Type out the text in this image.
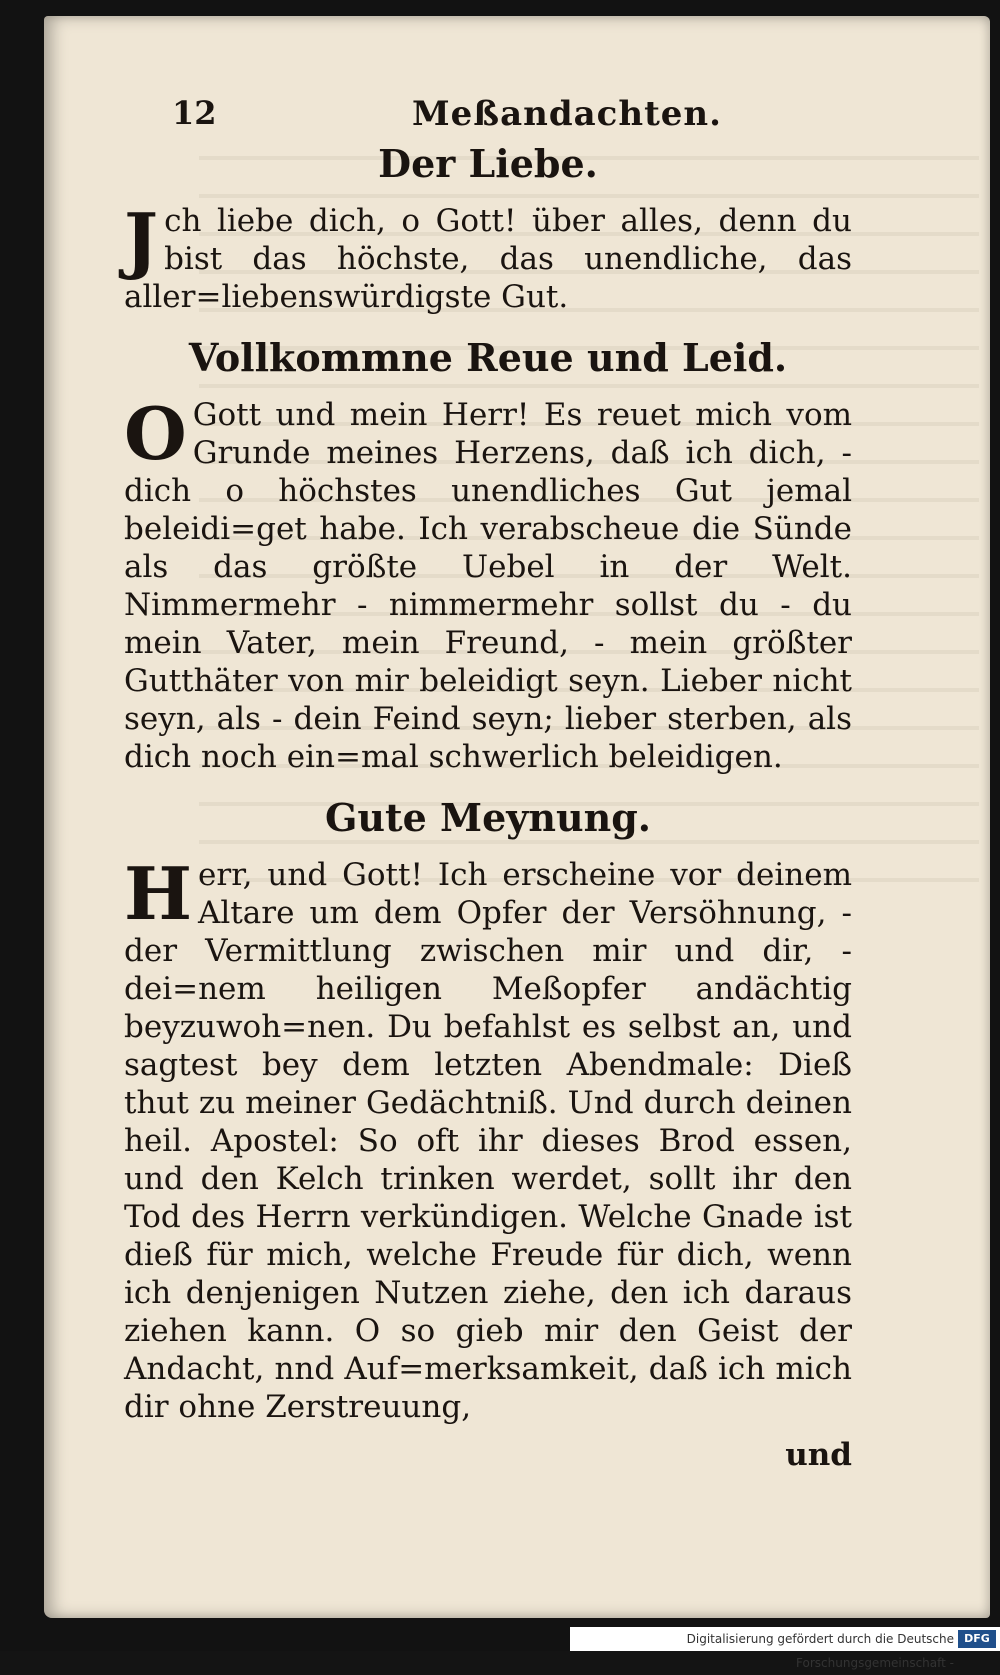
12	Meßandachten.
Der Liebe.

Jch liebe dich, o Gott! über alles, denn du bist das höchste, das unendliche, das aller=liebenswürdigste Gut.

Vollkommne Reue und Leid.

O Gott und mein Herr! Es reuet mich vom Grunde meines Herzens, daß ich dich, - dich o höchstes unendliches Gut jemal beleidi=get habe. Ich verabscheue die Sünde als das größte Uebel in der Welt. Nimmermehr - nimmermehr sollst du - du mein Vater, mein Freund, - mein größter Gutthäter von mir beleidigt seyn. Lieber nicht seyn, als - dein Feind seyn; lieber sterben, als dich noch ein=mal schwerlich beleidigen.

Gute Meynung.

Herr, und Gott! Ich erscheine vor deinem Altare um dem Opfer der Versöhnung, - der Vermittlung zwischen mir und dir, - dei=nem heiligen Meßopfer andächtig beyzuwoh=nen. Du befahlst es selbst an, und sagtest bey dem letzten Abendmale: Dieß thut zu meiner Gedächtniß. Und durch deinen heil. Apostel: So oft ihr dieses Brod essen, und den Kelch trinken werdet, sollt ihr den Tod des Herrn verkündigen. Welche Gnade ist dieß für mich, welche Freude für dich, wenn ich denjenigen Nutzen ziehe, den ich daraus ziehen kann. O so gieb mir den Geist der Andacht, nnd Auf=merksamkeit, daß ich mich dir ohne Zerstreuung,

und
Digitalisierung gefördert durch die Deutsche Forschungsgemeinschaft -
DFG
